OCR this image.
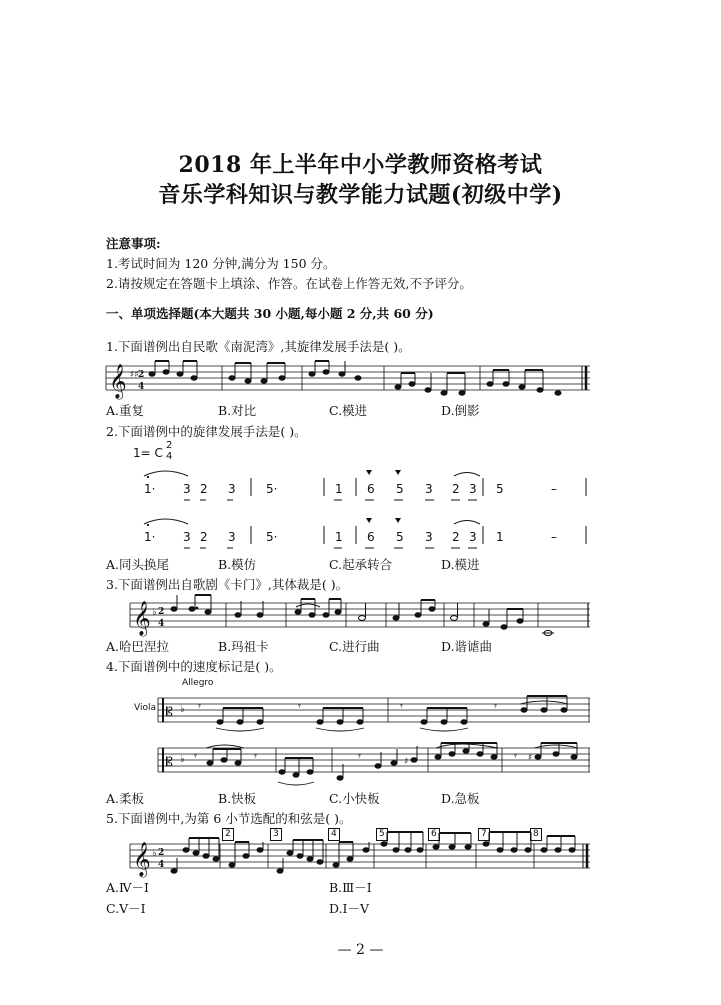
2018 年上半年中小学教师资格考试
音乐学科知识与教学能力试题(初级中学)
注意事项:
1.考试时间为 120 分钟,满分为 150 分。
2.请按规定在答题卡上填涂、作答。在试卷上作答无效,不予评分。
一、单项选择题(本大题共 30 小题,每小题 2 分,共 60 分)
1.下面谱例出自民歌《南泥湾》,其旋律发展手法是( )。
𝄞 ♯♯ 2
4
A.重复	B.对比	C.模进	D.倒影
2.下面谱例中的旋律发展手法是( )。
1= C
2
4
1· 3 2 3	5·	1 6 5 3 2 3 5	–
1· 3 2 3	5·	1 6 5 3 2 3 1	–
A.同头换尾	B.模仿	C.起承转合	D.模进
3.下面谱例出自歌剧《卡门》,其体裁是( )。
𝄞 ♭ 2
4
A.哈巴涅拉	B.玛祖卡	C.进行曲	D.谐谑曲
4.下面谱例中的速度标记是( )。
Allegro
Viola 𝄡 ♭ 𝄾	𝄾	𝄾	𝄾
𝄡 ♭ 𝄾	𝄾	𝄾	♯	𝄾 ♯
A.柔板	B.快板	C.小快板	D.急板
5.下面谱例中,为第 6 小节选配的和弦是( )。
𝄞 ♭ 2
4
2	3	4	5	6	7	8
A.Ⅳ－Ⅰ	B.Ⅲ－Ⅰ
C.Ⅴ－Ⅰ	D.Ⅰ－Ⅴ
— 2 —
